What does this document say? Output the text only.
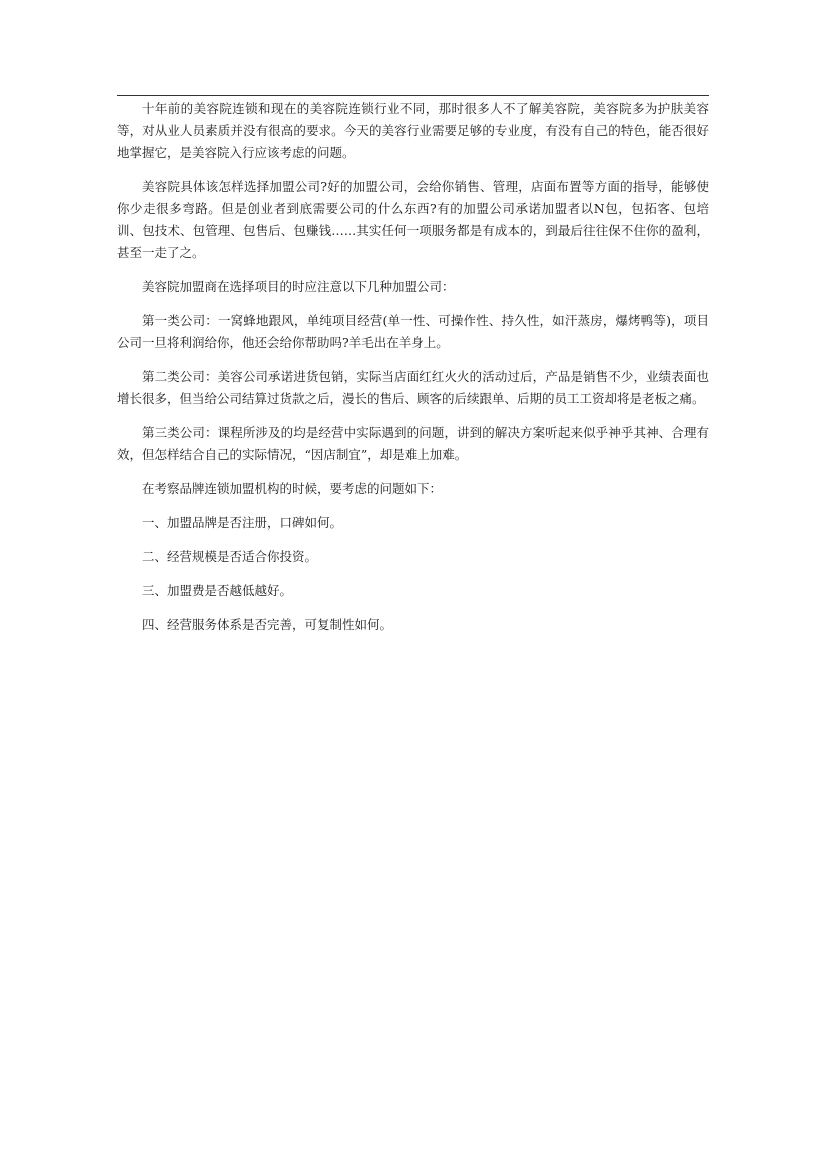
十年前的美容院连锁和现在的美容院连锁行业不同，那时很多人不了解美容院，美容院多为护肤美容等，对从业人员素质并没有很高的要求。今天的美容行业需要足够的专业度，有没有自己的特色，能否很好地掌握它，是美容院入行应该考虑的问题。

美容院具体该怎样选择加盟公司?好的加盟公司，会给你销售、管理，店面布置等方面的指导，能够使你少走很多弯路。但是创业者到底需要公司的什么东西?有的加盟公司承诺加盟者以N包，包拓客、包培训、包技术、包管理、包售后、包赚钱……其实任何一项服务都是有成本的，到最后往往保不住你的盈利，甚至一走了之。

美容院加盟商在选择项目的时应注意以下几种加盟公司：

第一类公司：一窝蜂地跟风，单纯项目经营(单一性、可操作性、持久性，如汗蒸房，爆烤鸭等)，项目公司一旦将利润给你，他还会给你帮助吗?羊毛出在羊身上。

第二类公司：美容公司承诺进货包销，实际当店面红红火火的活动过后，产品是销售不少，业绩表面也增长很多，但当给公司结算过货款之后，漫长的售后、顾客的后续跟单、后期的员工工资却将是老板之痛。

第三类公司：课程所涉及的均是经营中实际遇到的问题，讲到的解决方案听起来似乎神乎其神、合理有效，但怎样结合自己的实际情况，“因店制宜”，却是难上加难。

在考察品牌连锁加盟机构的时候，要考虑的问题如下：

一、加盟品牌是否注册，口碑如何。

二、经营规模是否适合你投资。

三、加盟费是否越低越好。

四、经营服务体系是否完善，可复制性如何。
